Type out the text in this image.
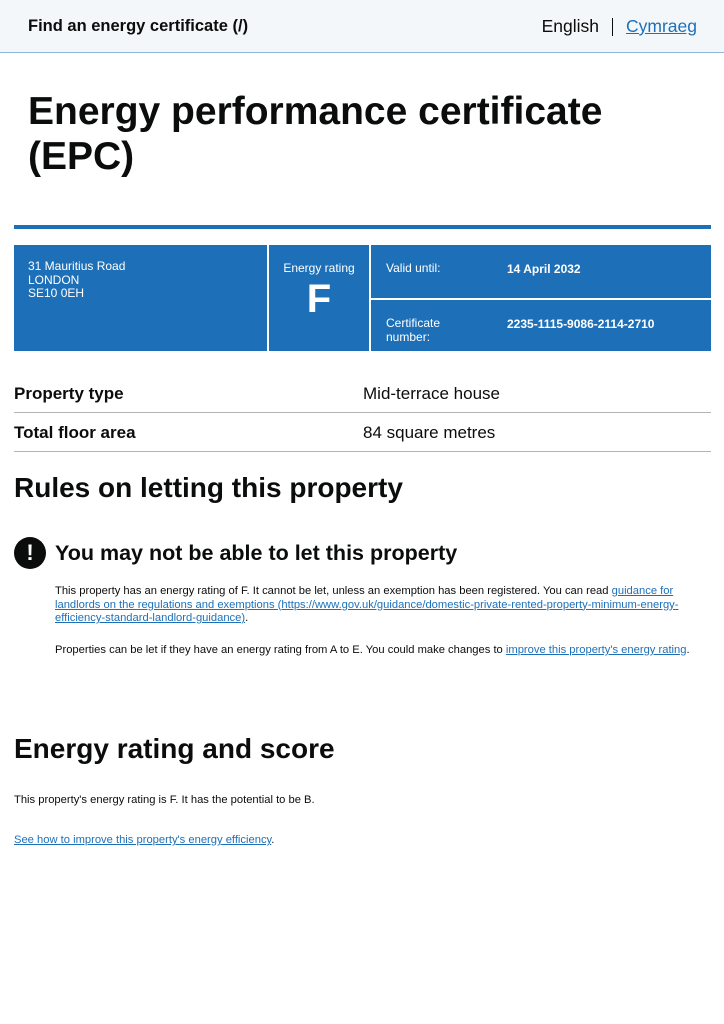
Find an energy certificate (/)	English Cymraeg
Energy performance certificate (EPC)
31 Mauritius Road
LONDON
SE10 0EH
Energy rating
F
Valid until:	14 April 2032
Certificate number:
2235-1115-9086-2114-2710
Property type	Mid-terrace house
Total floor area	84 square metres
Rules on letting this property
! You may not be able to let this property

This property has an energy rating of F. It cannot be let, unless an exemption has been registered. You can read guidance for landlords on the regulations and exemptions (https://www.gov.uk/guidance/domestic-private-rented-property-minimum-energy-efficiency-standard-landlord-guidance).

Properties can be let if they have an energy rating from A to E. You could make changes to improve this property's energy rating.

Energy rating and score

This property's energy rating is F. It has the potential to be B.

See how to improve this property's energy efficiency.
